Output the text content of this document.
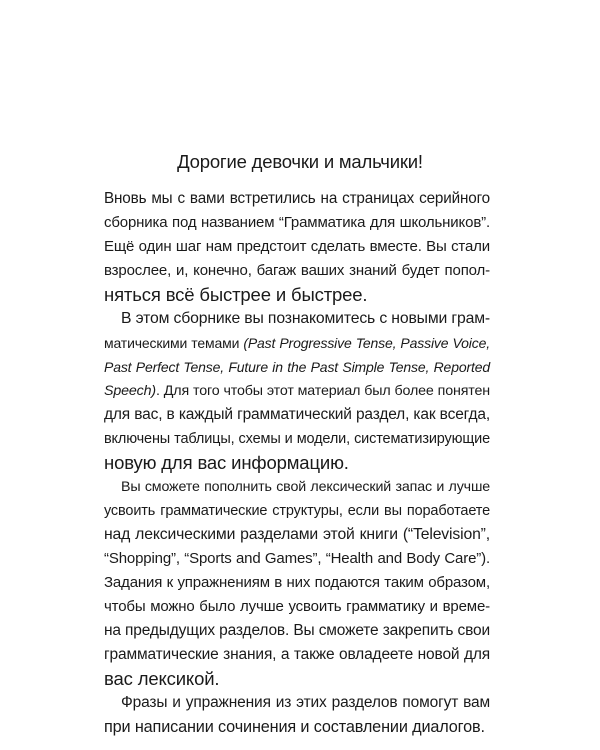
Дорогие девочки и мальчики!
Вновь мы с вами встретились на страницах серийного
сборника под названием “Грамматика для школьников”.
Ещё один шаг нам предстоит сделать вместе. Вы стали
взрослее, и, конечно, багаж ваших знаний будет попол-
няться всё быстрее и быстрее.
В этом сборнике вы познакомитесь с новыми грам-
матическими темами (Past Progressive Tense, Passive Voice,
Past Perfect Tense, Future in the Past Simple Tense, Reported
Speech). Для того чтобы этот материал был более понятен
для вас, в каждый грамматический раздел, как всегда,
включены таблицы, схемы и модели, систематизирующие
новую для вас информацию.
Вы сможете пополнить свой лексический запас и лучше
усвоить грамматические структуры, если вы поработаете
над лексическими разделами этой книги (“Television”,
“Shopping”, “Sports and Games”, “Health and Body Care”).
Задания к упражнениям в них подаются таким образом,
чтобы можно было лучше усвоить грамматику и време-
на предыдущих разделов. Вы сможете закрепить свои
грамматические знания, а также овладеете новой для
вас лексикой.
Фразы и упражнения из этих разделов помогут вам
при написании сочинения и составлении диалогов.
